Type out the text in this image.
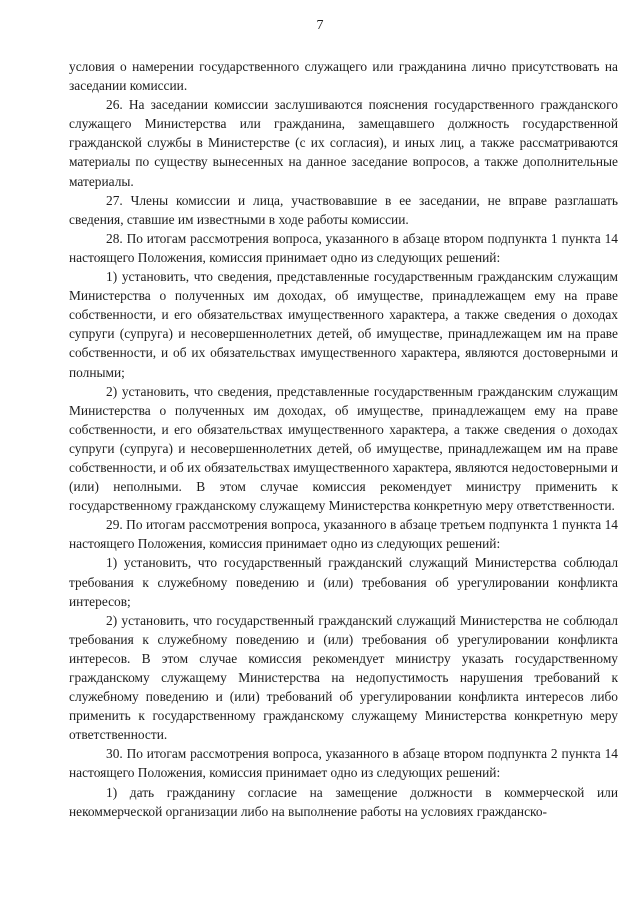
7

условия о намерении государственного служащего или гражданина лично присутствовать на заседании комиссии.

26. На заседании комиссии заслушиваются пояснения государственного гражданского служащего Министерства или гражданина, замещавшего должность государственной гражданской службы в Министерстве (с их согласия), и иных лиц, а также рассматриваются материалы по существу вынесенных на данное заседание вопросов, а также дополнительные материалы.

27. Члены комиссии и лица, участвовавшие в ее заседании, не вправе разглашать сведения, ставшие им известными в ходе работы комиссии.

28. По итогам рассмотрения вопроса, указанного в абзаце втором подпункта 1 пункта 14 настоящего Положения, комиссия принимает одно из следующих решений:

1) установить, что сведения, представленные государственным гражданским служащим Министерства о полученных им доходах, об имуществе, принадлежащем ему на праве собственности, и его обязательствах имущественного характера, а также сведения о доходах супруги (супруга) и несовершеннолетних детей, об имуществе, принадлежащем им на праве собственности, и об их обязательствах имущественного характера, являются достоверными и полными;

2) установить, что сведения, представленные государственным гражданским служащим Министерства о полученных им доходах, об имуществе, принадлежащем ему на праве собственности, и его обязательствах имущественного характера, а также сведения о доходах супруги (супруга) и несовершеннолетних детей, об имуществе, принадлежащем им на праве собственности, и об их обязательствах имущественного характера, являются недостоверными и (или) неполными. В этом случае комиссия рекомендует министру применить к государственному гражданскому служащему Министерства конкретную меру ответственности.

29. По итогам рассмотрения вопроса, указанного в абзаце третьем подпункта 1 пункта 14 настоящего Положения, комиссия принимает одно из следующих решений:

1) установить, что государственный гражданский служащий Министерства соблюдал требования к служебному поведению и (или) требования об урегулировании конфликта интересов;

2) установить, что государственный гражданский служащий Министерства не соблюдал требования к служебному поведению и (или) требования об урегулировании конфликта интересов. В этом случае комиссия рекомендует министру указать государственному гражданскому служащему Министерства на недопустимость нарушения требований к служебному поведению и (или) требований об урегулировании конфликта интересов либо применить к государственному гражданскому служащему Министерства конкретную меру ответственности.

30. По итогам рассмотрения вопроса, указанного в абзаце втором подпункта 2 пункта 14 настоящего Положения, комиссия принимает одно из следующих решений:

1) дать гражданину согласие на замещение должности в коммерческой или некоммерческой организации либо на выполнение работы на условиях гражданско-
